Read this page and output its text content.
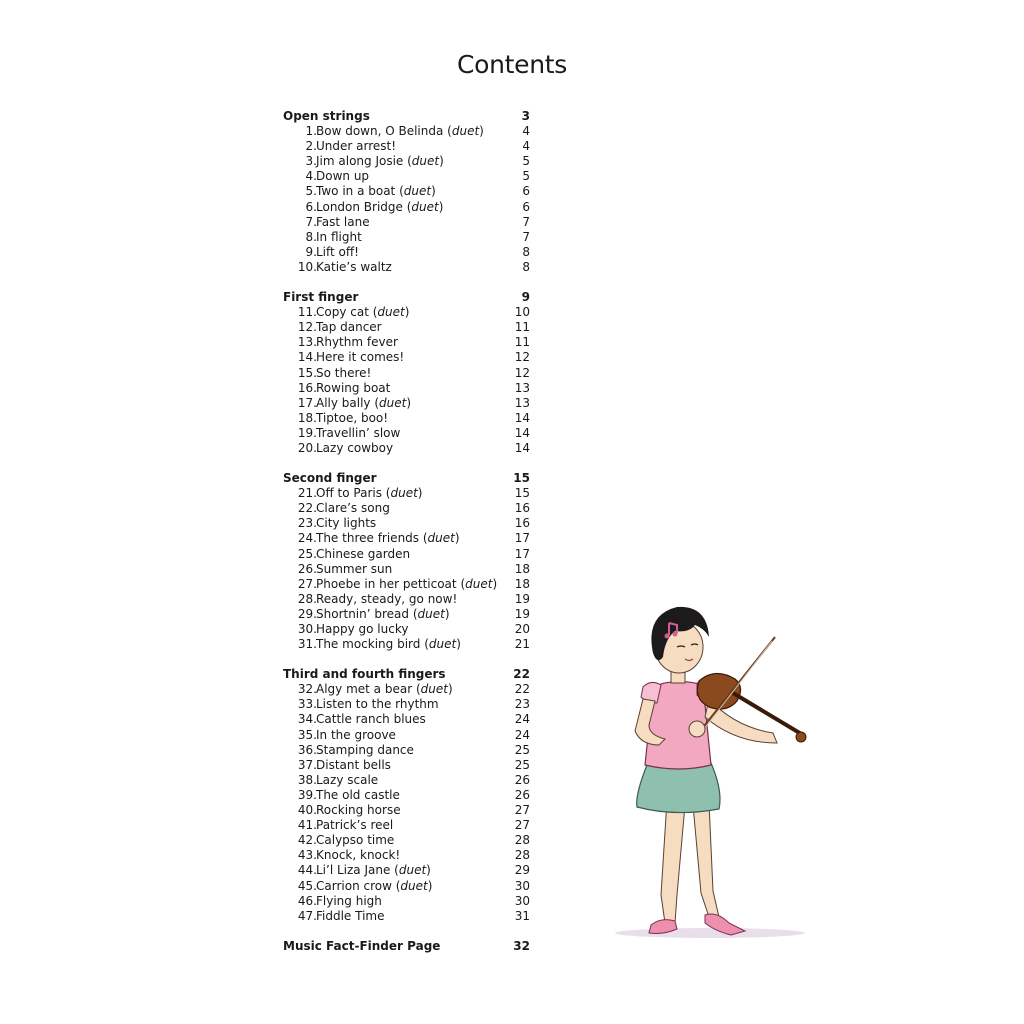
Contents
Open strings	3
1. Bow down, O Belinda (duet)	4
2. Under arrest!	4
3. Jim along Josie (duet)	5
4. Down up	5
5. Two in a boat (duet)	6
6. London Bridge (duet)	6
7. Fast lane	7
8. In flight	7
9. Lift off!	8
10. Katie’s waltz	8
First finger	9
11. Copy cat (duet)	10
12. Tap dancer	11
13. Rhythm fever	11
14. Here it comes!	12
15. So there!	12
16. Rowing boat	13
17. Ally bally (duet)	13
18. Tiptoe, boo!	14
19. Travellin’ slow	14
20. Lazy cowboy	14
Second finger	15
21. Off to Paris (duet)	15
22. Clare’s song	16
23. City lights	16
24. The three friends (duet)	17
25. Chinese garden	17
26. Summer sun	18
27. Phoebe in her petticoat (duet) 18
28. Ready, steady, go now!	19
29. Shortnin’ bread (duet)	19
30. Happy go lucky	20
31. The mocking bird (duet)	21
Third and fourth fingers	22
32. Algy met a bear (duet)	22
33. Listen to the rhythm	23
34. Cattle ranch blues	24
35. In the groove	24
36. Stamping dance	25
37. Distant bells	25
38. Lazy scale	26
39. The old castle	26
40. Rocking horse	27
41. Patrick’s reel	27
42. Calypso time	28
43. Knock, knock!	28
44. Li’l Liza Jane (duet)	29
45. Carrion crow (duet)	30
46. Flying high	30
47. Fiddle Time	31
Music Fact-Finder Page	32
